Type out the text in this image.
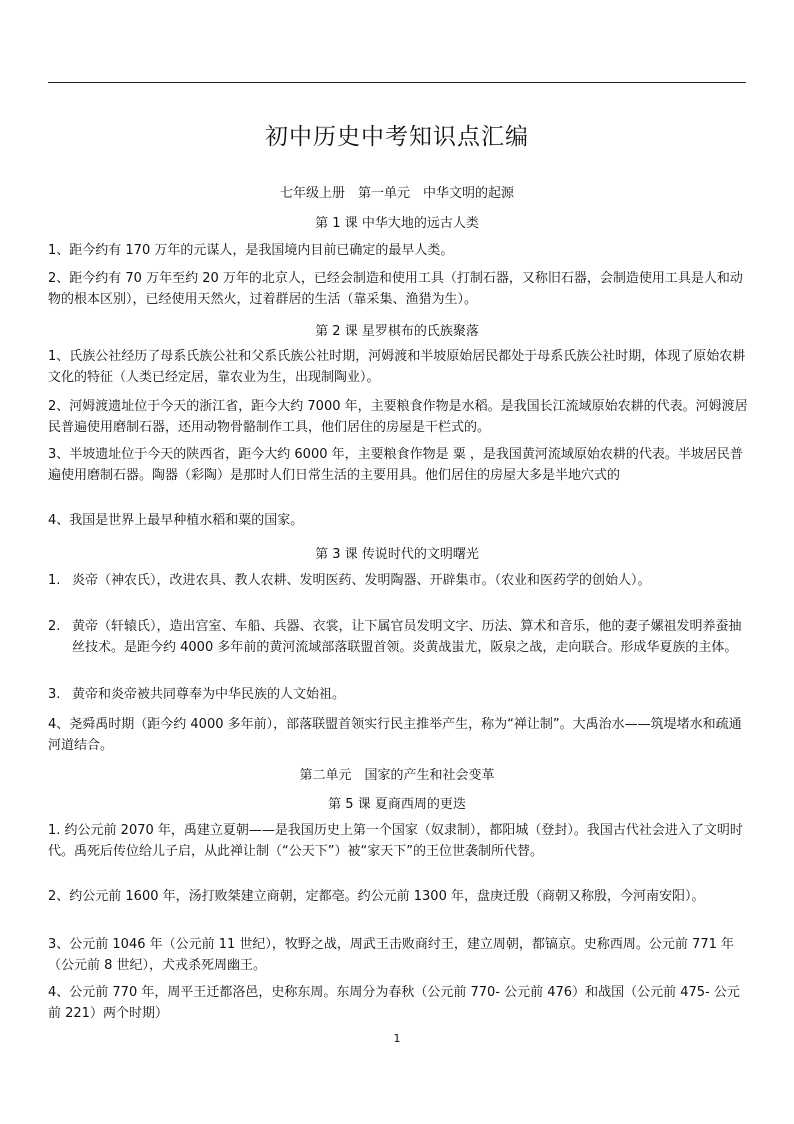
初中历史中考知识点汇编
七年级上册　第一单元　中华文明的起源
第 1 课 中华大地的远古人类

1、距今约有 170 万年的元谋人，是我国境内目前已确定的最早人类。

2、距今约有 70 万年至约 20 万年的北京人，已经会制造和使用工具（打制石器，又称旧石器，会制造使用工具是人和动物的根本区别），已经使用天然火，过着群居的生活（靠采集、渔猎为生）。

第 2 课 星罗棋布的氏族聚落

1、氏族公社经历了母系氏族公社和父系氏族公社时期，河姆渡和半坡原始居民都处于母系氏族公社时期，体现了原始农耕文化的特征（人类已经定居，靠农业为生，出现制陶业）。

2、河姆渡遗址位于今天的浙江省，距今大约 7000 年，主要粮食作物是水稻。是我国长江流域原始农耕的代表。河姆渡居民普遍使用磨制石器，还用动物骨骼制作工具，他们居住的房屋是干栏式的。

3、半坡遗址位于今天的陕西省，距今大约 6000 年，主要粮食作物是 粟 ，是我国黄河流域原始农耕的代表。半坡居民普遍使用磨制石器。陶器（彩陶）是那时人们日常生活的主要用具。他们居住的房屋大多是半地穴式的

4、我国是世界上最早种植水稻和粟的国家。

第 3 课 传说时代的文明曙光
1. 炎帝（神农氏），改进农具、教人农耕、发明医药、发明陶器、开辟集市。（农业和医药学的创始人）。
2. 黄帝（轩辕氏），造出宫室、车船、兵器、衣裳，让下属官员发明文字、历法、算术和音乐，他的妻子嫘祖发明养蚕抽丝技术。是距今约 4000 多年前的黄河流域部落联盟首领。炎黄战蚩尤，阪泉之战，走向联合。形成华夏族的主体。
3. 黄帝和炎帝被共同尊奉为中华民族的人文始祖。

4、尧舜禹时期（距今约 4000 多年前），部落联盟首领实行民主推举产生，称为“禅让制”。大禹治水——筑堤堵水和疏通河道结合。

第二单元　国家的产生和社会变革
第 5 课 夏商西周的更迭

1. 约公元前 2070 年，禹建立夏朝——是我国历史上第一个国家（奴隶制），都阳城（登封）。我国古代社会进入了文明时代。禹死后传位给儿子启，从此禅让制（“公天下”）被“家天下”的王位世袭制所代替。

2、约公元前 1600 年，汤打败桀建立商朝，定都亳。约公元前 1300 年，盘庚迁殷（商朝又称殷，今河南安阳）。

3、公元前 1046 年（公元前 11 世纪），牧野之战，周武王击败商纣王，建立周朝，都镐京。史称西周。公元前 771 年（公元前 8 世纪），犬戎杀死周幽王。

4、公元前 770 年，周平王迁都洛邑，史称东周。东周分为春秋（公元前 770- 公元前 476）和战国（公元前 475- 公元前 221）两个时期）

1
